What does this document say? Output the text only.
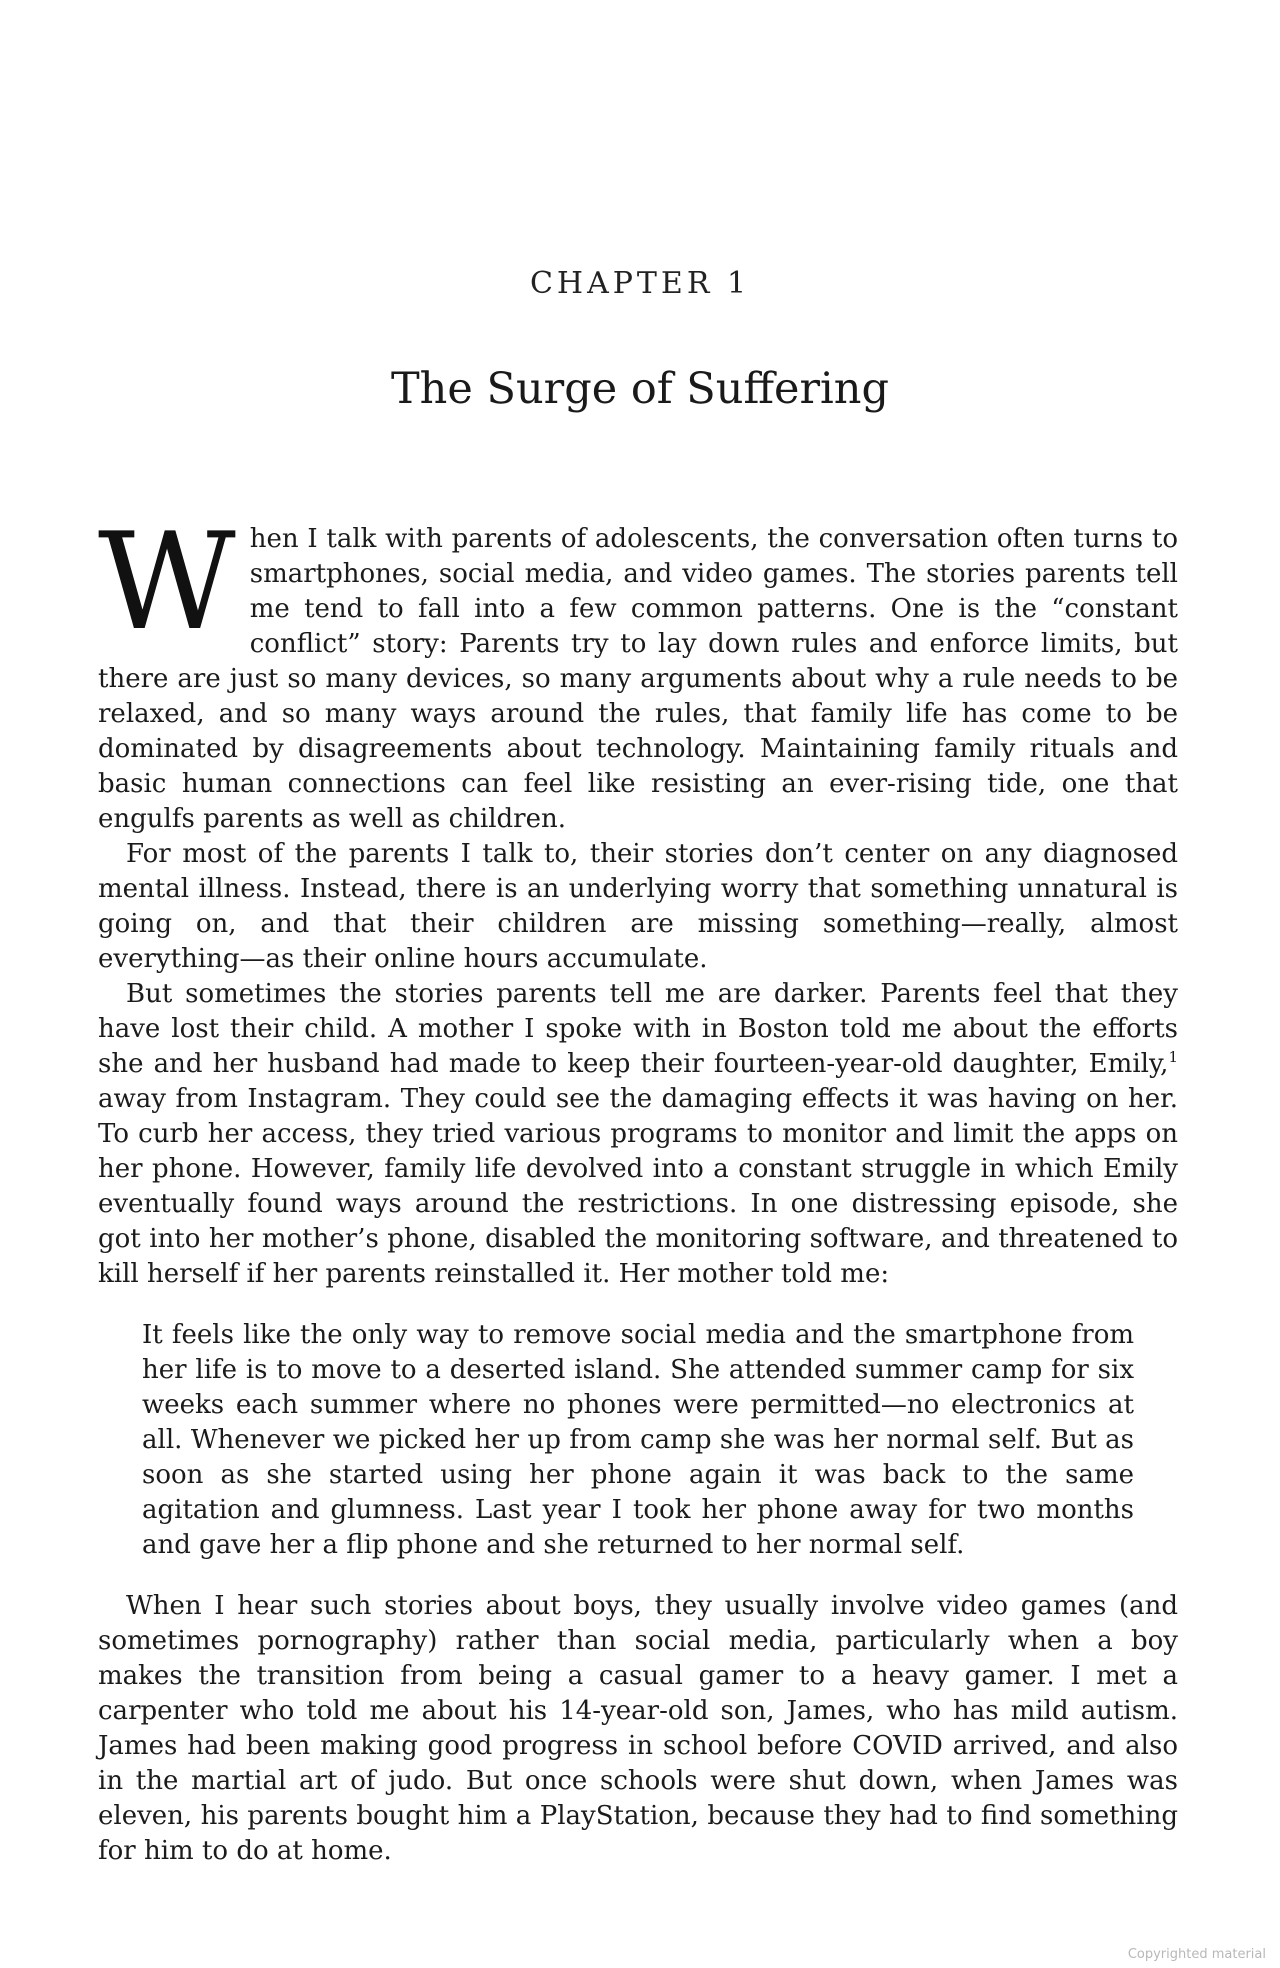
CHAPTER 1
The Surge of Suffering

When I talk with parents of adolescents, the conversation often turns to smartphones, social media, and video games. The stories parents tell me tend to fall into a few common patterns. One is the “constant conflict” story: Parents try to lay down rules and enforce limits, but there are just so many devices, so many arguments about why a rule needs to be relaxed, and so many ways around the rules, that family life has come to be dominated by disagreements about technology. Maintaining family rituals and basic human connections can feel like resisting an ever-rising tide, one that engulfs parents as well as children.

For most of the parents I talk to, their stories don’t center on any diagnosed mental illness. Instead, there is an underlying worry that something unnatural is going on, and that their children are missing something—really, almost everything—as their online hours accumulate.

But sometimes the stories parents tell me are darker. Parents feel that they have lost their child. A mother I spoke with in Boston told me about the efforts she and her husband had made to keep their fourteen-year-old daughter, Emily,$^1$ away from Instagram. They could see the damaging effects it was having on her. To curb her access, they tried various programs to monitor and limit the apps on her phone. However, family life devolved into a constant struggle in which Emily eventually found ways around the restrictions. In one distressing episode, she got into her mother’s phone, disabled the monitoring software, and threatened to kill herself if her parents reinstalled it. Her mother told me:

It feels like the only way to remove social media and the smartphone from her life is to move to a deserted island. She attended summer camp for six weeks each summer where no phones were permitted—no electronics at all. Whenever we picked her up from camp she was her normal self. But as soon as she started using her phone again it was back to the same agitation and glumness. Last year I took her phone away for two months and gave her a flip phone and she returned to her normal self.

When I hear such stories about boys, they usually involve video games (and sometimes pornography) rather than social media, particularly when a boy makes the transition from being a casual gamer to a heavy gamer. I met a carpenter who told me about his 14-year-old son, James, who has mild autism. James had been making good progress in school before COVID arrived, and also in the martial art of judo. But once schools were shut down, when James was eleven, his parents bought him a PlayStation, because they had to find something for him to do at home.

Copyrighted material
